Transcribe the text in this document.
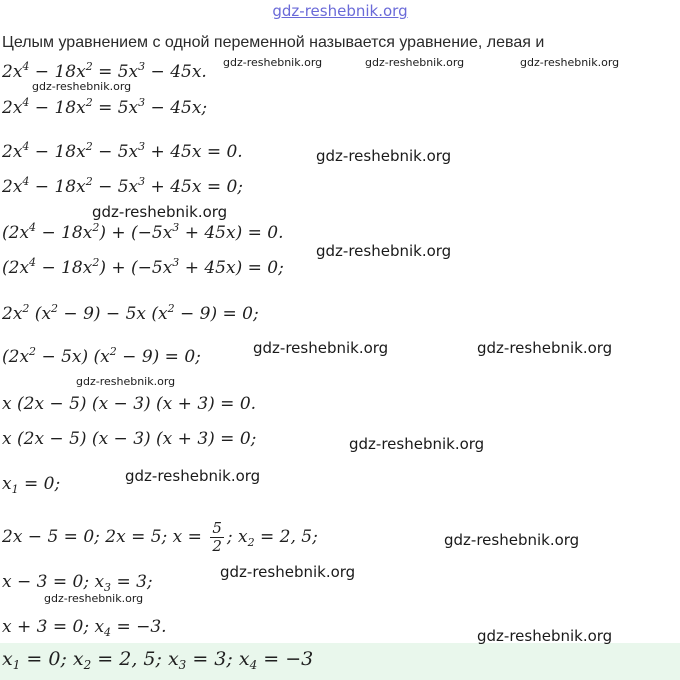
gdz-reshebnik.org
Целым уравнением с одной переменной называется уравнение, левая и
$2x^4 - 18x^2 = 5x^3 - 45x$.
$2x^4 - 18x^2 = 5x^3 - 45x$;
$2x^4 - 18x^2 - 5x^3 + 45x = 0$.
$2x^4 - 18x^2 - 5x^3 + 45x = 0$;
$(2x^4 - 18x^2) + (-5x^3 + 45x) = 0$.
$(2x^4 - 18x^2) + (-5x^3 + 45x) = 0$;
$2x^2$ $(x^2 - 9) - 5x$ $(x^2 - 9) = 0$;
$(2x^2 - 5x) (x^2 - 9) = 0$;
x (2x − 5) (x − 3) (x + 3) = 0.
x (2x − 5) (x − 3) (x + 3) = 0;
$x_1 = 0$;
2x − 5 = 0; 2x = 5; $x = \frac{5}{2}$ ; $x_2 = 2$, 5;
x − 3 = 0; $x_3 = 3$;
x + 3 = 0; $x_4 = -3$.
$x_1 = 0$; $x_2 = 2$, 5; $x_3 = 3$; $x_4 = -3$
gdz-reshebnik.org	gdz-reshebnik.org	gdz-reshebnik.org
gdz-reshebnik.org
gdz-reshebnik.org
gdz-reshebnik.org
gdz-reshebnik.org
gdz-reshebnik.org	gdz-reshebnik.org
gdz-reshebnik.org
gdz-reshebnik.org
gdz-reshebnik.org
gdz-reshebnik.org
gdz-reshebnik.org
gdz-reshebnik.org
gdz-reshebnik.org
